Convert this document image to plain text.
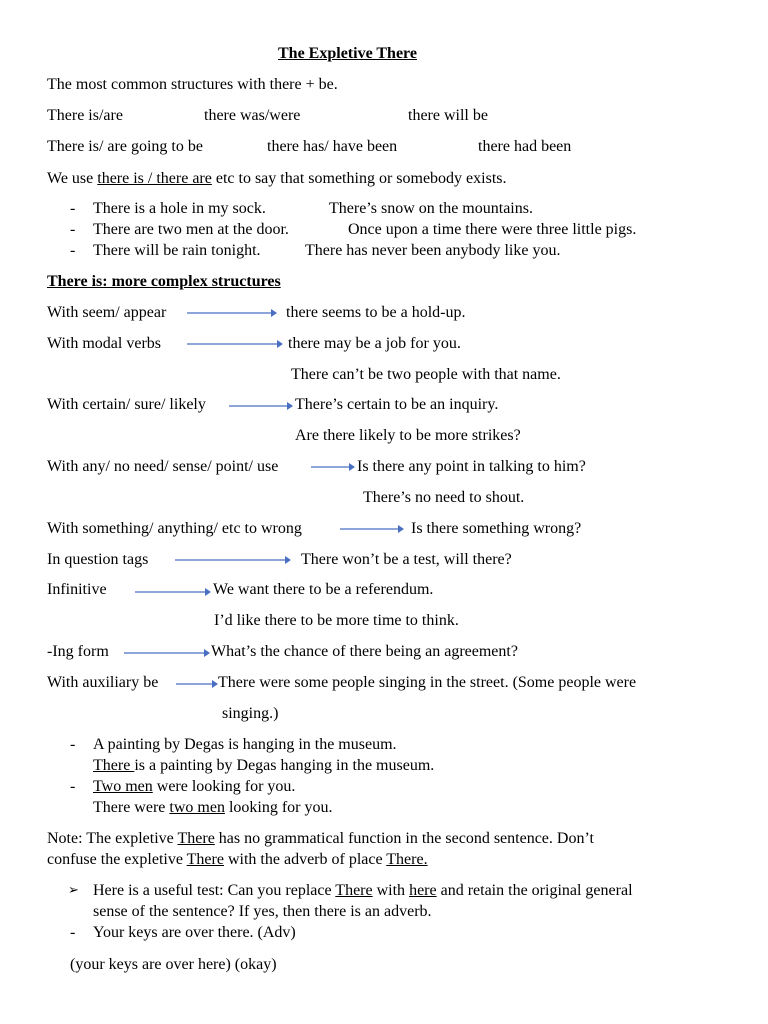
The Expletive There
The most common structures with there + be.
There is/are	there was/were	there will be
There is/ are going to be	there has/ have been	there had been
We use there is / there are etc to say that something or somebody exists.
- There is a hole in my sock.	There’s snow on the mountains.
- There are two men at the door.	Once upon a time there were three little pigs.
- There will be rain tonight.	There has never been anybody like you.
There is: more complex structures
With seem/ appear	there seems to be a hold-up.
With modal verbs	there may be a job for you.
There can’t be two people with that name.
With certain/ sure/ likely	There’s certain to be an inquiry.
Are there likely to be more strikes?
With any/ no need/ sense/ point/ use	Is there any point in talking to him?
There’s no need to shout.
With something/ anything/ etc to wrong	Is there something wrong?
In question tags	There won’t be a test, will there?
Infinitive	We want there to be a referendum.
I’d like there to be more time to think.
-Ing form	What’s the chance of there being an agreement?
With auxiliary be	There were some people singing in the street. (Some people were
singing.)
- A painting by Degas is hanging in the museum.
There is a painting by Degas hanging in the museum.
- Two men were looking for you.
There were two men looking for you.
Note: The expletive There has no grammatical function in the second sentence. Don’t
confuse the expletive There with the adverb of place There.
➢ Here is a useful test: Can you replace There with here and retain the original general
sense of the sentence? If yes, then there is an adverb.
- Your keys are over there. (Adv)
(your keys are over here) (okay)
